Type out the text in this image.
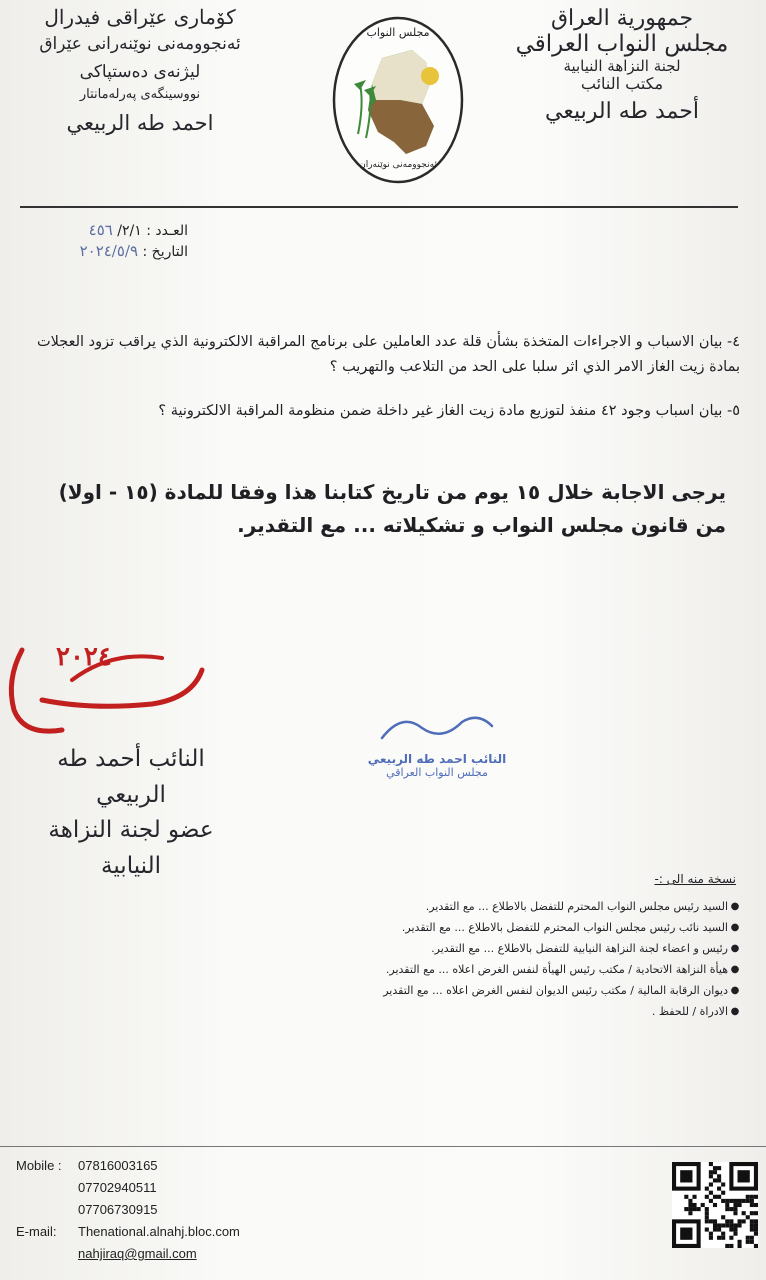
جمهورية العراق
مجلس النواب العراقي
لجنة النزاهة النيابية
مكتب النائب
أحمد طه الربيعي
كۆماری عێراقی فیدرال
ئەنجوومەنی نوێنەرانی عێراق
لیژنەی دەستپاکی
نووسینگەی پەرلەمانتار
احمد طه الربيعي
مجلس النواب
ئەنجوومەنی نوێنەران
العـدد : ٢/١/ ٤٥٦
التاريخ : ٢٠٢٤/٥/٩
٤- بيان الاسباب و الاجراءات المتخذة بشأن قلة عدد العاملين على برنامج المراقبة الالكترونية الذي يراقب تزود العجلات بمادة زيت الغاز الامر الذي اثر سلبا على الحد من التلاعب والتهريب ؟
٥- بيان اسباب وجود ٤٢ منفذ لتوزيع مادة زيت الغاز غير داخلة ضمن منظومة المراقبة الالكترونية ؟
يرجى الاجابة خلال ١٥ يوم من تاريخ كتابنا هذا وفقا للمادة (١٥ - اولا) من قانون مجلس النواب و تشكيلاته ... مع التقدير.
٢٠٢٤
النائب أحمد طه الربيعي
عضو لجنة النزاهة النيابية
النائب احمد طه الربيعي
مجلس النواب العراقي
نسخة منه الى :-
●
السيد رئيس مجلس النواب المحترم للتفضل بالاطلاع ... مع التقدير.
●
السيد نائب رئيس مجلس النواب المحترم للتفضل بالاطلاع ... مع التقدير.
●
رئيس و اعضاء لجنة النزاهة النيابية للتفضل بالاطلاع ... مع التقدير.
●
هيأة النزاهة الاتحادية / مكتب رئيس الهيأة لنفس الغرض اعلاه ... مع التقدير.
●
ديوان الرقابة المالية / مكتب رئيس الديوان لنفس الغرض اعلاه ... مع التقدير
●
الادراة / للحفظ .
Mobile :	07816003165
07702940511
07706730915
E-mail:	Thenational.alnahj.bloc.com
nahjiraq@gmail.com
